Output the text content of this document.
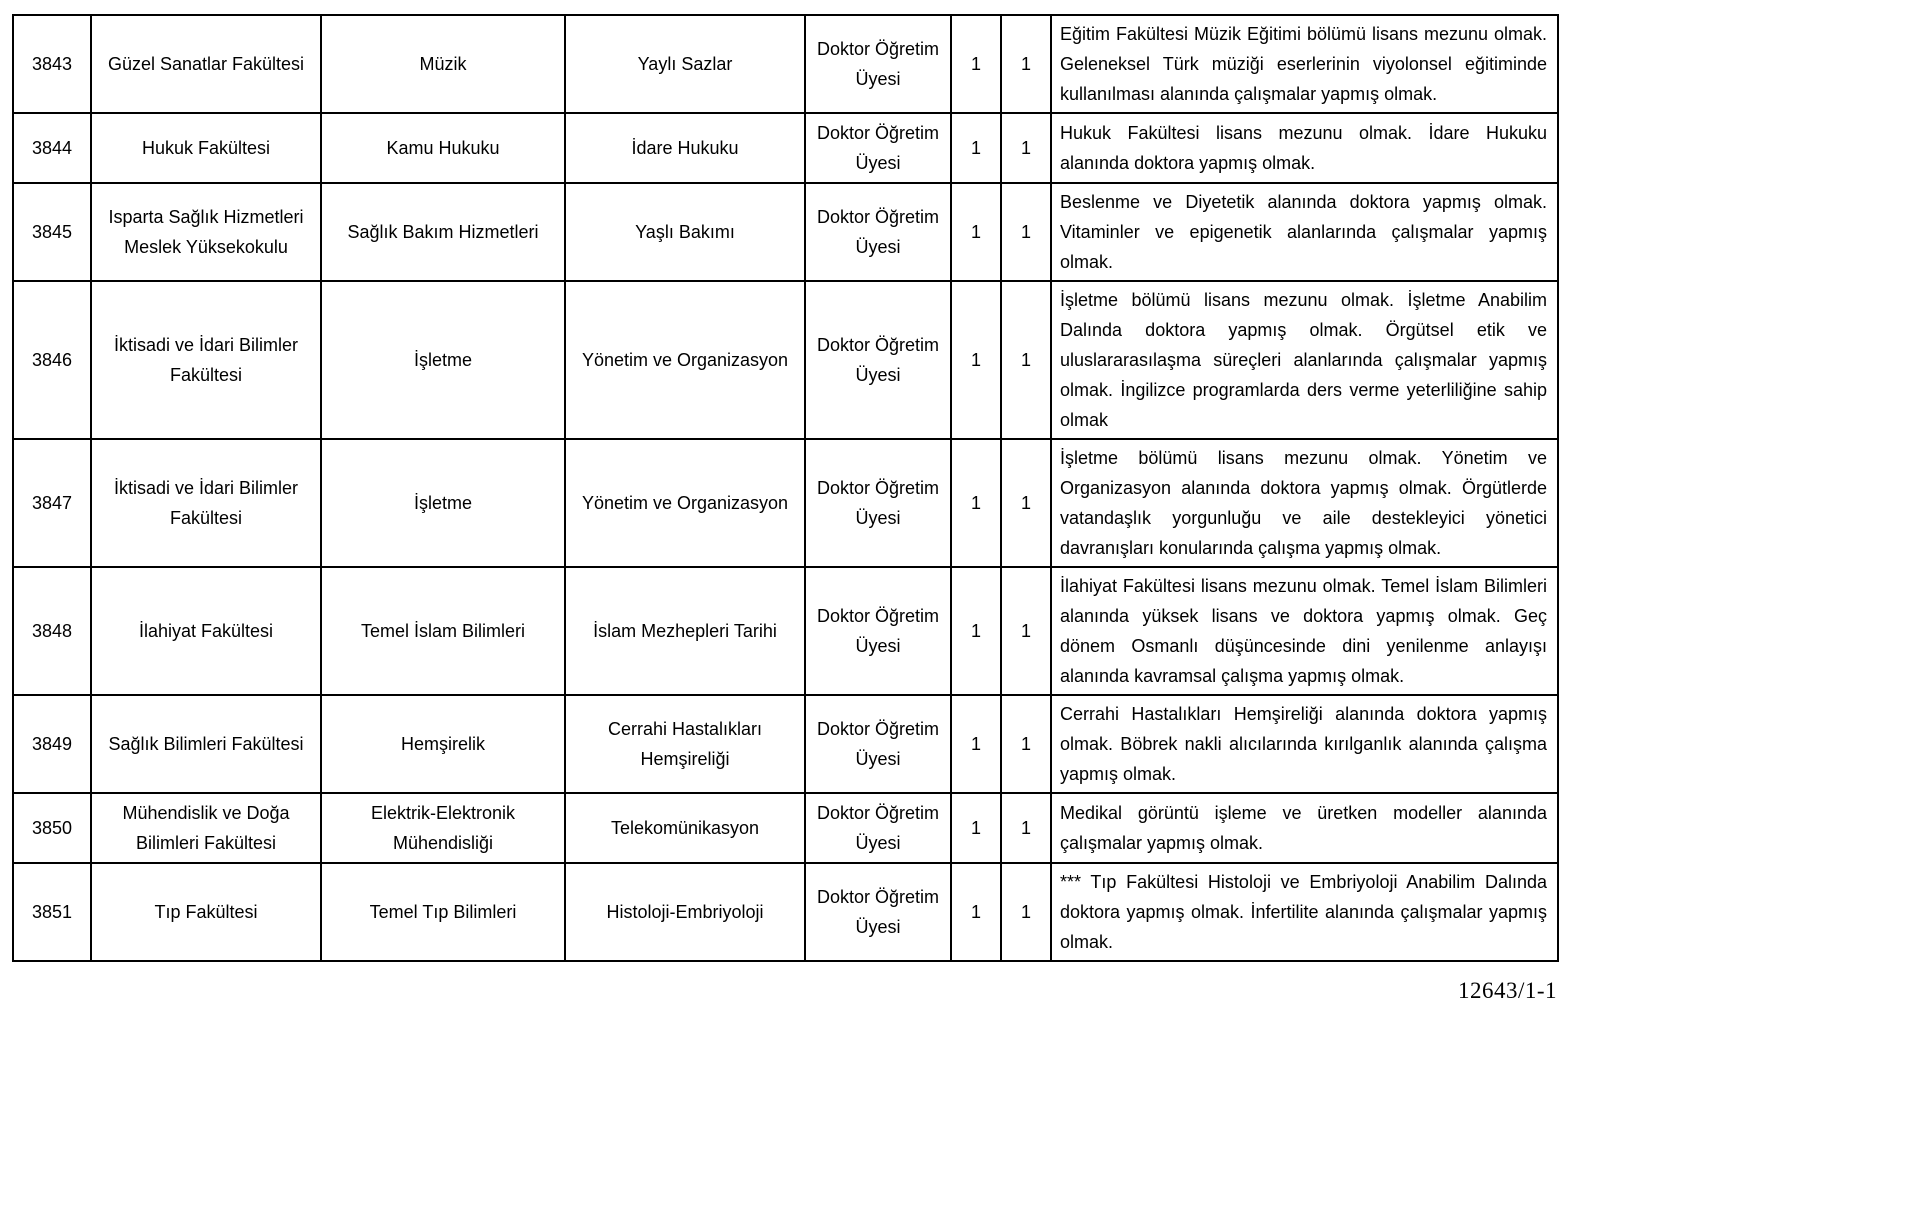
3843	Güzel Sanatlar Fakültesi	Müzik	Yaylı Sazlar	Doktor Öğretim Üyesi	1	1	Eğitim Fakültesi Müzik Eğitimi bölümü lisans mezunu olmak. Geleneksel Türk müziği eserlerinin viyolonsel eğitiminde kullanılması alanında çalışmalar yapmış olmak.
3844	Hukuk Fakültesi	Kamu Hukuku	İdare Hukuku	Doktor Öğretim Üyesi	1	1	Hukuk Fakültesi lisans mezunu olmak. İdare Hukuku alanında doktora yapmış olmak.
3845	Isparta Sağlık Hizmetleri Meslek Yüksekokulu	Sağlık Bakım Hizmetleri	Yaşlı Bakımı	Doktor Öğretim Üyesi	1	1	Beslenme ve Diyetetik alanında doktora yapmış olmak. Vitaminler ve epigenetik alanlarında çalışmalar yapmış olmak.
3846	İktisadi ve İdari Bilimler Fakültesi	İşletme	Yönetim ve Organizasyon	Doktor Öğretim Üyesi	1	1	İşletme bölümü lisans mezunu olmak. İşletme Anabilim Dalında doktora yapmış olmak. Örgütsel etik ve uluslararasılaşma süreçleri alanlarında çalışmalar yapmış olmak. İngilizce programlarda ders verme yeterliliğine sahip olmak
3847	İktisadi ve İdari Bilimler Fakültesi	İşletme	Yönetim ve Organizasyon	Doktor Öğretim Üyesi	1	1	İşletme bölümü lisans mezunu olmak. Yönetim ve Organizasyon alanında doktora yapmış olmak. Örgütlerde vatandaşlık yorgunluğu ve aile destekleyici yönetici davranışları konularında çalışma yapmış olmak.
3848	İlahiyat Fakültesi	Temel İslam Bilimleri	İslam Mezhepleri Tarihi	Doktor Öğretim Üyesi	1	1	İlahiyat Fakültesi lisans mezunu olmak. Temel İslam Bilimleri alanında yüksek lisans ve doktora yapmış olmak. Geç dönem Osmanlı düşüncesinde dini yenilenme anlayışı alanında kavramsal çalışma yapmış olmak.
3849	Sağlık Bilimleri Fakültesi	Hemşirelik	Cerrahi Hastalıkları Hemşireliği	Doktor Öğretim Üyesi	1	1	Cerrahi Hastalıkları Hemşireliği alanında doktora yapmış olmak. Böbrek nakli alıcılarında kırılganlık alanında çalışma yapmış olmak.
3850	Mühendislik ve Doğa Bilimleri Fakültesi	Elektrik-Elektronik Mühendisliği	Telekomünikasyon	Doktor Öğretim Üyesi	1	1	Medikal görüntü işleme ve üretken modeller alanında çalışmalar yapmış olmak.
3851	Tıp Fakültesi	Temel Tıp Bilimleri	Histoloji-Embriyoloji	Doktor Öğretim Üyesi	1	1	*** Tıp Fakültesi Histoloji ve Embriyoloji Anabilim Dalında doktora yapmış olmak. İnfertilite alanında çalışmalar yapmış olmak.
12643/1-1
